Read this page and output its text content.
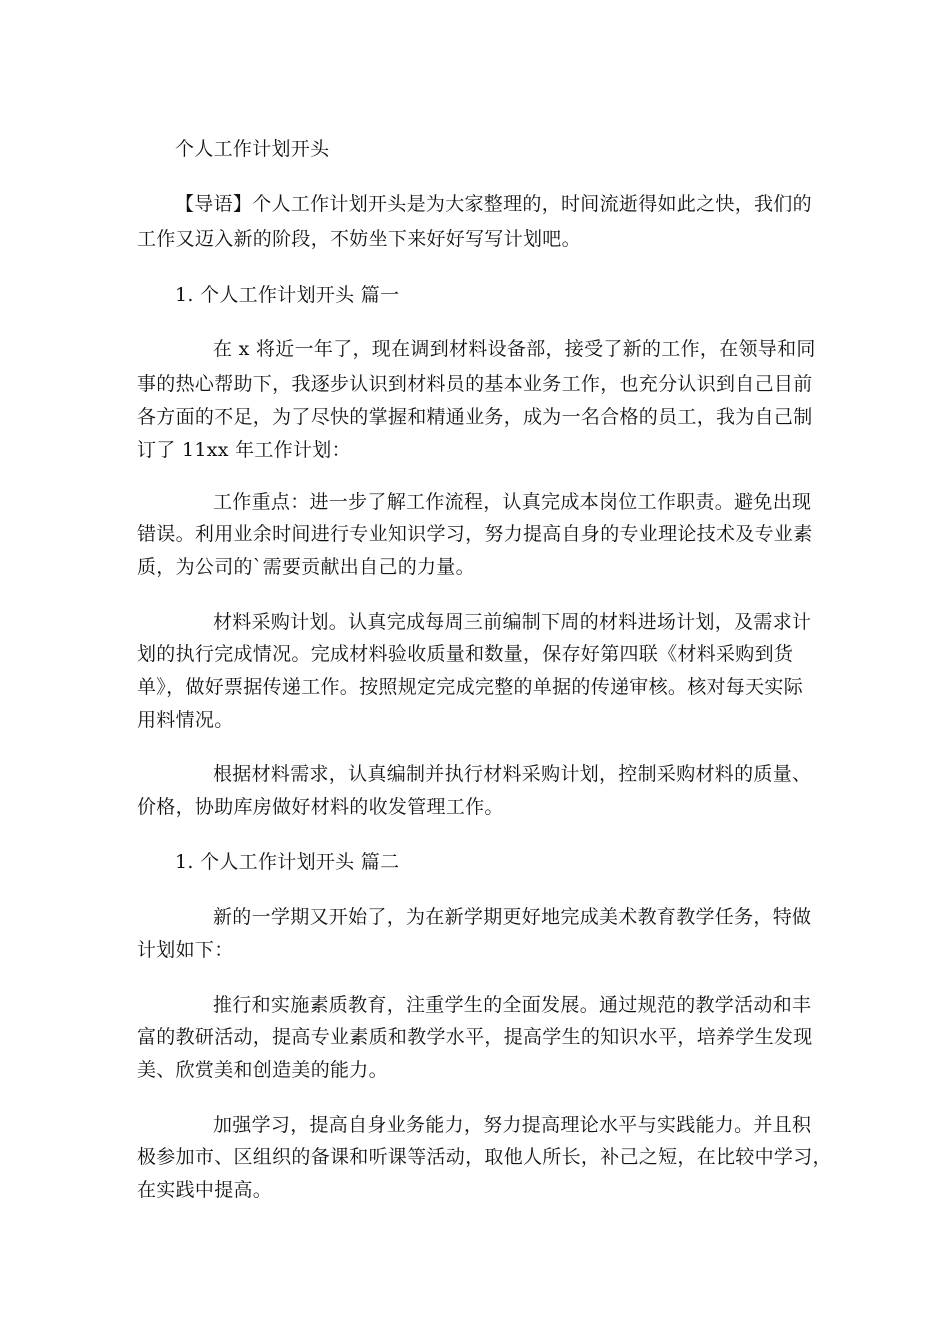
个人工作计划开头
【导语】个人工作计划开头是为大家整理的，时间流逝得如此之快，我们的
工作又迈入新的阶段，不妨坐下来好好写写计划吧。
1. 个人工作计划开头 篇一
在 x 将近一年了，现在调到材料设备部，接受了新的工作，在领导和同
事的热心帮助下，我逐步认识到材料员的基本业务工作，也充分认识到自己目前
各方面的不足，为了尽快的掌握和精通业务，成为一名合格的员工，我为自己制
订了 11xx 年工作计划：
工作重点：进一步了解工作流程，认真完成本岗位工作职责。避免出现
错误。利用业余时间进行专业知识学习，努力提高自身的专业理论技术及专业素
质，为公司的`需要贡献出自己的力量。
材料采购计划。认真完成每周三前编制下周的材料进场计划，及需求计
划的执行完成情况。完成材料验收质量和数量，保存好第四联《材料采购到货
单》，做好票据传递工作。按照规定完成完整的单据的传递审核。核对每天实际
用料情况。
根据材料需求，认真编制并执行材料采购计划，控制采购材料的质量、
价格，协助库房做好材料的收发管理工作。
1. 个人工作计划开头 篇二
新的一学期又开始了，为在新学期更好地完成美术教育教学任务，特做
计划如下：
推行和实施素质教育，注重学生的全面发展。通过规范的教学活动和丰
富的教研活动，提高专业素质和教学水平，提高学生的知识水平，培养学生发现
美、欣赏美和创造美的能力。
加强学习，提高自身业务能力，努力提高理论水平与实践能力。并且积
极参加市、区组织的备课和听课等活动，取他人所长，补己之短，在比较中学习，
在实践中提高。
